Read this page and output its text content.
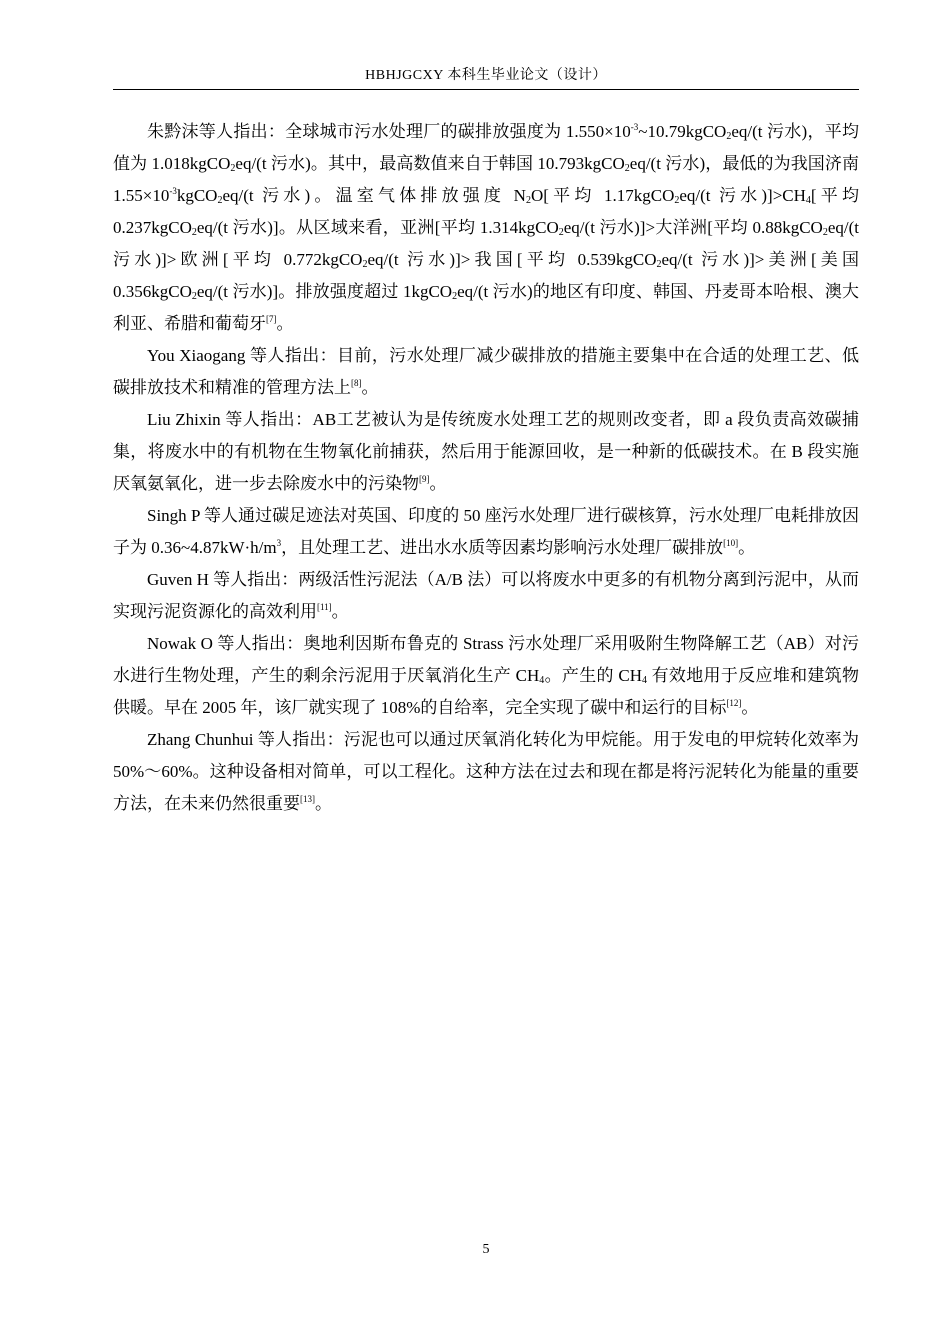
HBHJGCXY 本科生毕业论文（设计）

朱黔沫等人指出：全球城市污水处理厂的碳排放强度为 $1.550\times 10^{-3}\sim 10.79kgCO_2eq/(t$ 污水)，平均值为 1.018kgCO$_2$eq/(t 污水)。其中，最高数值来自于韩国 10.793kgCO$_2$eq/(t 污水)，最低的为我国济南 $1.55\times 10^{-3}kgCO_2eq/(t$ 污水)。温室气体排放强度 $N_2O$[平均 1.17kgCO$_2$eq/(t 污水)]$>CH_4$[平均 0.237kgCO$_2$eq/(t 污水)]。从区域来看，亚洲[平均 1.314kgCO$_2$eq/(t 污水)]>大洋洲[平均 0.88kgCO$_2$eq/(t 污水)]>欧洲[平均 0.772kgCO$_2$eq/(t 污水)]>我国[平均 0.539kgCO$_2$eq/(t 污水)]>美洲[美国 0.356kgCO$_2$eq/(t 污水)]。排放强度超过 1kgCO$_2$eq/(t 污水)的地区有印度、韩国、丹麦哥本哈根、澳大利亚、希腊和葡萄牙[7]。

You Xiaogang 等人指出：目前，污水处理厂减少碳排放的措施主要集中在合适的处理工艺、低碳排放技术和精准的管理方法上[8]。

Liu Zhixin 等人指出：AB工艺被认为是传统废水处理工艺的规则改变者，即 a 段负责高效碳捕集，将废水中的有机物在生物氧化前捕获，然后用于能源回收，是一种新的低碳技术。在 B 段实施厌氧氨氧化，进一步去除废水中的污染物[9]。

Singh P 等人通过碳足迹法对英国、印度的 50 座污水处理厂进行碳核算，污水处理厂电耗排放因子为 $0.36\sim 4.87kW\cdot h/m^3$，且处理工艺、进出水水质等因素均影响污水处理厂碳排放[10]。

Guven H 等人指出：两级活性污泥法（A/B 法）可以将废水中更多的有机物分离到污泥中，从而实现污泥资源化的高效利用[11]。

Nowak O 等人指出：奥地利因斯布鲁克的 Strass 污水处理厂采用吸附生物降解工艺（AB）对污水进行生物处理，产生的剩余污泥用于厌氧消化生产 $CH_4$。产生的 $CH_4$ 有效地用于反应堆和建筑物供暖。早在 2005 年，该厂就实现了 108%的自给率，完全实现了碳中和运行的目标[12]。

Zhang Chunhui 等人指出：污泥也可以通过厌氧消化转化为甲烷能。用于发电的甲烷转化效率为 50%～60%。这种设备相对简单，可以工程化。这种方法在过去和现在都是将污泥转化为能量的重要方法，在未来仍然很重要[13]。

5
